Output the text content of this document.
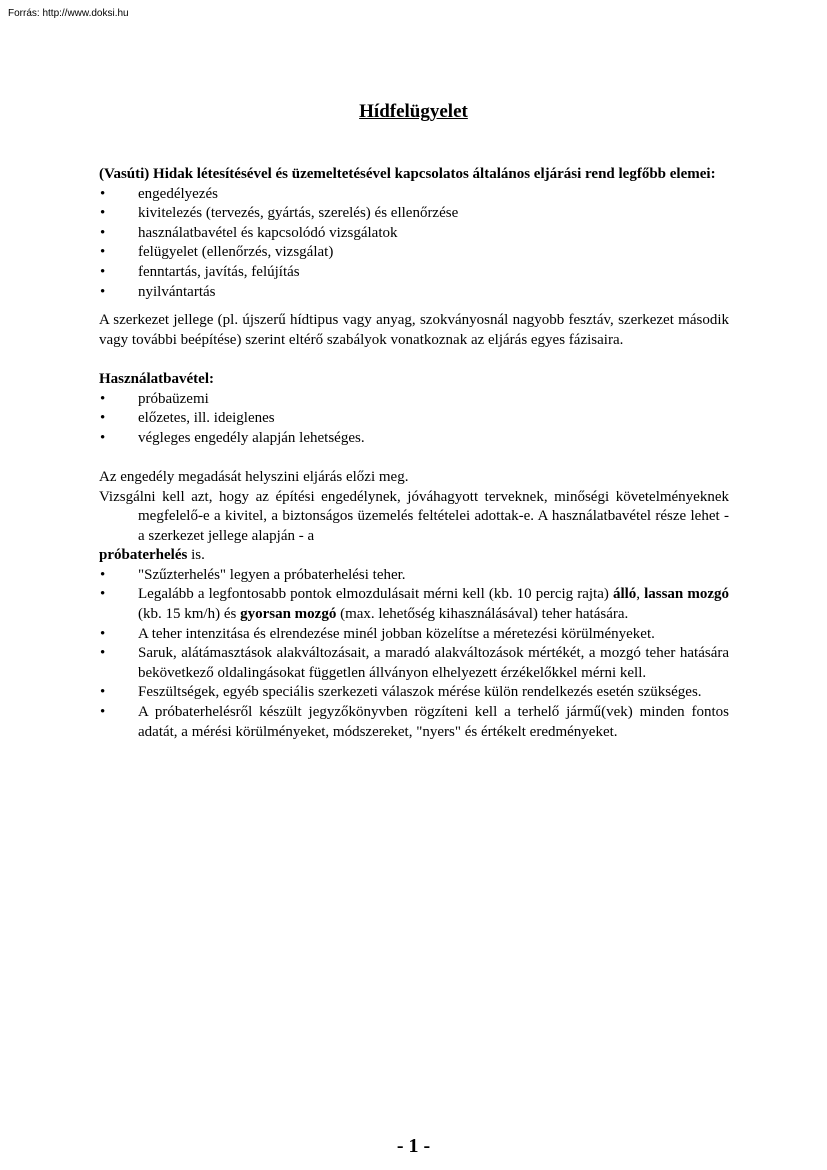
Forrás: http://www.doksi.hu
Hídfelügyelet

(Vasúti) Hidak létesítésével és üzemeltetésével kapcsolatos általános eljárási rend legfőbb elemei:

• engedélyezés
• kivitelezés (tervezés, gyártás, szerelés) és ellenőrzése
• használatbavétel és kapcsolódó vizsgálatok
• felügyelet (ellenőrzés, vizsgálat)
• fenntartás, javítás, felújítás
• nyilvántartás

A szerkezet jellege (pl. újszerű hídtipus vagy anyag, szokványosnál nagyobb fesztáv, szerkezet második vagy további beépítése) szerint eltérő szabályok vonatkoznak az eljárás egyes fázisaira.

Használatbavétel:

• próbaüzemi
• előzetes, ill. ideiglenes
• végleges engedély alapján lehetséges.

Az engedély megadását helyszini eljárás előzi meg.

Vizsgálni kell azt, hogy az építési engedélynek, jóváhagyott terveknek, minőségi követelményeknek megfelelő-e a kivitel, a biztonságos üzemelés feltételei adottak-e. A használatbavétel része lehet - a szerkezet jellege alapján - a

próbaterhelés is.

• "Szűzterhelés" legyen a próbaterhelési teher.
• Legalább a legfontosabb pontok elmozdulásait mérni kell (kb. 10 percig rajta) álló, lassan mozgó (kb. 15 km/h) és gyorsan mozgó (max. lehetőség kihasználásával) teher hatására.
• A teher intenzitása és elrendezése minél jobban közelítse a méretezési körülményeket.
• Saruk, alátámasztások alakváltozásait, a maradó alakváltozások mértékét, a mozgó teher hatására bekövetkező oldalingásokat független állványon elhelyezett érzékelőkkel mérni kell.
• Feszültségek, egyéb speciális szerkezeti válaszok mérése külön rendelkezés esetén szükséges.
• A próbaterhelésről készült jegyzőkönyvben rögzíteni kell a terhelő jármű(vek) minden fontos adatát, a mérési körülményeket, módszereket, "nyers" és értékelt eredményeket.
- 1 -
